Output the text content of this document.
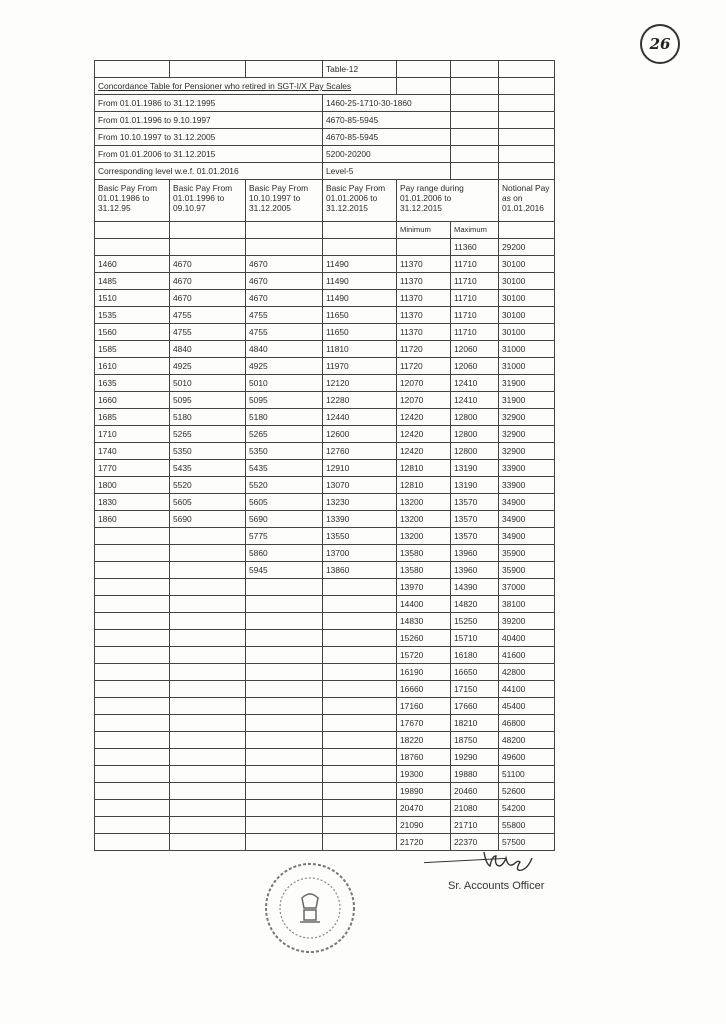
26
			Table-12			
Concordance Table for Pensioner who retired in SGT-I/X Pay Scales						
From 01.01.1986 to 31.12.1995			1460-25-1710-30-1860			
From 01.01.1996 to 9.10.1997			4670-85-5945			
From 10.10.1997 to 31.12.2005			4670-85-5945			
From 01.01.2006 to 31.12.2015			5200-20200			
Corresponding level w.e.f. 01.01.2016			Level-5			
Basic Pay From 01.01.1986 to 31.12.95	Basic Pay From 01.01.1996 to 09.10.97	Basic Pay From 10.10.1997 to 31.12.2005	Basic Pay From 01.01.2006 to 31.12.2015	Pay range during 01.01.2006 to 31.12.2015		Notional Pay as on 01.01.2016
				Minimum	Maximum	
					11360	29200
1460	4670	4670	11490	11370	11710	30100
1485	4670	4670	11490	11370	11710	30100
1510	4670	4670	11490	11370	11710	30100
1535	4755	4755	11650	11370	11710	30100
1560	4755	4755	11650	11370	11710	30100
1585	4840	4840	11810	11720	12060	31000
1610	4925	4925	11970	11720	12060	31000
1635	5010	5010	12120	12070	12410	31900
1660	5095	5095	12280	12070	12410	31900
1685	5180	5180	12440	12420	12800	32900
1710	5265	5265	12600	12420	12800	32900
1740	5350	5350	12760	12420	12800	32900
1770	5435	5435	12910	12810	13190	33900
1800	5520	5520	13070	12810	13190	33900
1830	5605	5605	13230	13200	13570	34900
1860	5690	5690	13390	13200	13570	34900
		5775	13550	13200	13570	34900
		5860	13700	13580	13960	35900
		5945	13860	13580	13960	35900
				13970	14390	37000
				14400	14820	38100
				14830	15250	39200
				15260	15710	40400
				15720	16180	41600
				16190	16650	42800
				16660	17150	44100
				17160	17660	45400
				17670	18210	46800
				18220	18750	48200
				18760	19290	49600
				19300	19880	51100
				19890	20460	52600
				20470	21080	54200
				21090	21710	55800
				21720	22370	57500
Sr. Accounts Officer
